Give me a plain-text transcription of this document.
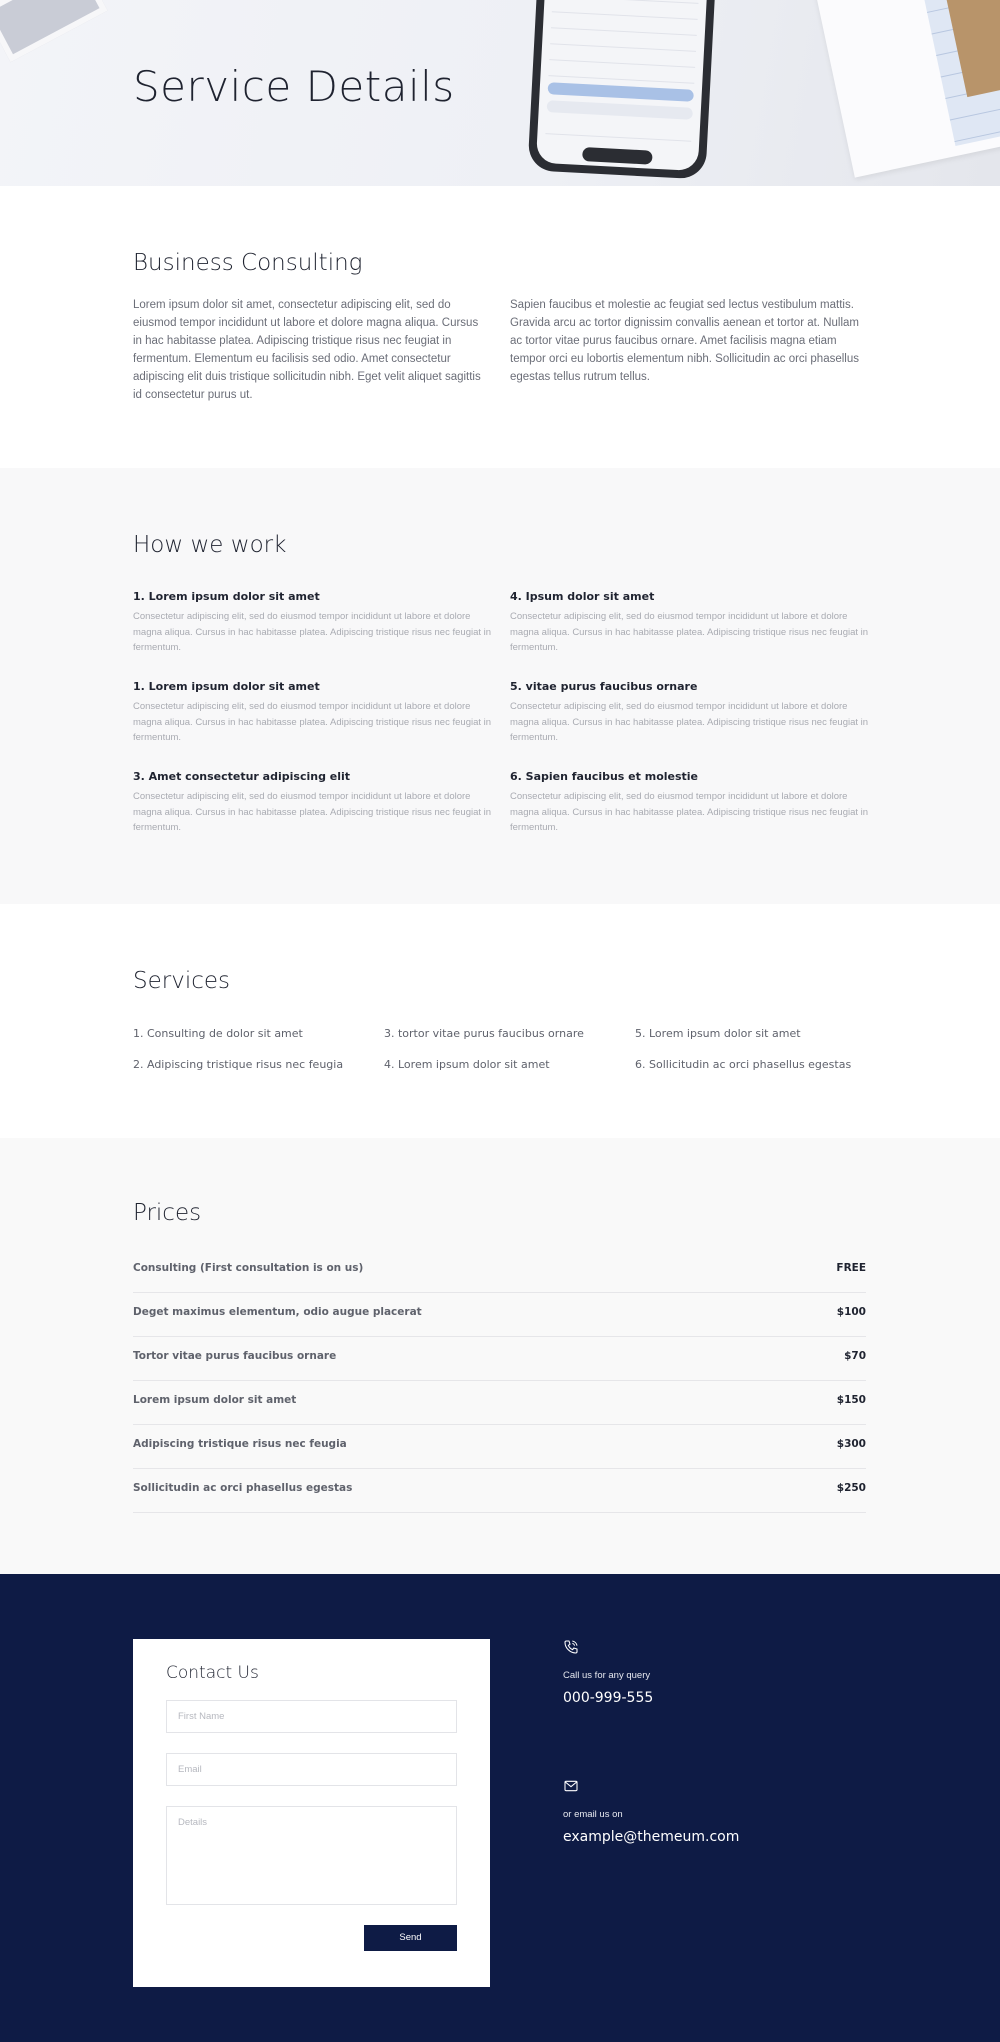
Service Details
Business Consulting

Lorem ipsum dolor sit amet, consectetur adipiscing elit, sed do eiusmod tempor incididunt ut labore et dolore magna aliqua. Cursus in hac habitasse platea. Adipiscing tristique risus nec feugiat in fermentum. Elementum eu facilisis sed odio. Amet consectetur adipiscing elit duis tristique sollicitudin nibh. Eget velit aliquet sagittis id consectetur purus ut.

Sapien faucibus et molestie ac feugiat sed lectus vestibulum mattis. Gravida arcu ac tortor dignissim convallis aenean et tortor at. Nullam ac tortor vitae purus faucibus ornare. Amet facilisis magna etiam tempor orci eu lobortis elementum nibh. Sollicitudin ac orci phasellus egestas tellus rutrum tellus.

How we work
1. Lorem ipsum dolor sit amet

Consectetur adipiscing elit, sed do eiusmod tempor incididunt ut labore et dolore magna aliqua. Cursus in hac habitasse platea. Adipiscing tristique risus nec feugiat in fermentum.

1. Lorem ipsum dolor sit amet

Consectetur adipiscing elit, sed do eiusmod tempor incididunt ut labore et dolore magna aliqua. Cursus in hac habitasse platea. Adipiscing tristique risus nec feugiat in fermentum.

3. Amet consectetur adipiscing elit

Consectetur adipiscing elit, sed do eiusmod tempor incididunt ut labore et dolore magna aliqua. Cursus in hac habitasse platea. Adipiscing tristique risus nec feugiat in fermentum.

4. Ipsum dolor sit amet

Consectetur adipiscing elit, sed do eiusmod tempor incididunt ut labore et dolore magna aliqua. Cursus in hac habitasse platea. Adipiscing tristique risus nec feugiat in fermentum.

5. vitae purus faucibus ornare

Consectetur adipiscing elit, sed do eiusmod tempor incididunt ut labore et dolore magna aliqua. Cursus in hac habitasse platea. Adipiscing tristique risus nec feugiat in fermentum.

6. Sapien faucibus et molestie

Consectetur adipiscing elit, sed do eiusmod tempor incididunt ut labore et dolore magna aliqua. Cursus in hac habitasse platea. Adipiscing tristique risus nec feugiat in fermentum.

Services
1. Consulting de dolor sit amet
2. Adipiscing tristique risus nec feugia
3. tortor vitae purus faucibus ornare
4. Lorem ipsum dolor sit amet
5. Lorem ipsum dolor sit amet
6. Sollicitudin ac orci phasellus egestas
Prices
Consulting (First consultation is on us)	FREE
Deget maximus elementum, odio augue placerat	$100
Tortor vitae purus faucibus ornare	$70
Lorem ipsum dolor sit amet	$150
Adipiscing tristique risus nec feugia	$300
Sollicitudin ac orci phasellus egestas	$250
Contact Us
First Name
Email
Details
Send
Call us for any query
000-999-555
or email us on
example@themeum.com
